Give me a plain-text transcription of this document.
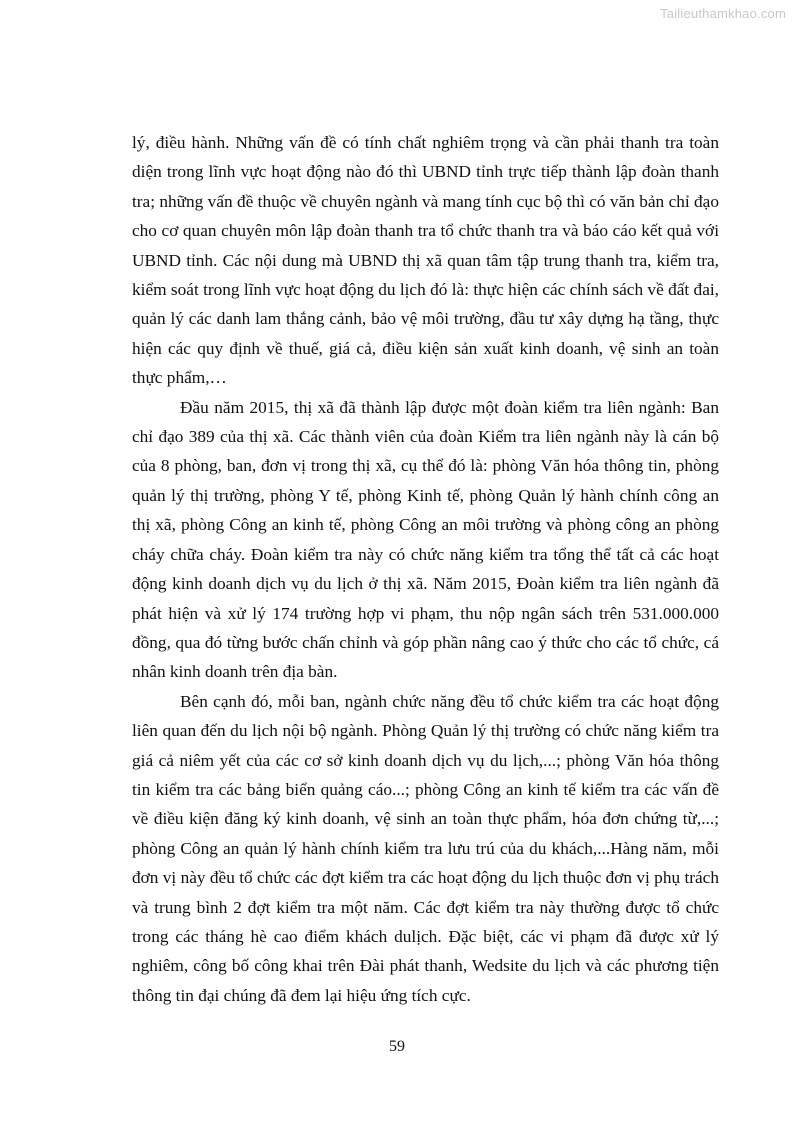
Tailieuthamkhao.com

lý, điều hành. Những vấn đề có tính chất nghiêm trọng và cần phải thanh tra toàn diện trong lĩnh vực hoạt động nào đó thì UBND tỉnh trực tiếp thành lập đoàn thanh tra; những vấn đề thuộc về chuyên ngành và mang tính cục bộ thì có văn bản chỉ đạo cho cơ quan chuyên môn lập đoàn thanh tra tổ chức thanh tra và báo cáo kết quả với UBND tỉnh. Các nội dung mà UBND thị xã quan tâm tập trung thanh tra, kiểm tra, kiểm soát trong lĩnh vực hoạt động du lịch đó là: thực hiện các chính sách về đất đai, quản lý các danh lam thắng cảnh, bảo vệ môi trường, đầu tư xây dựng hạ tầng, thực hiện các quy định về thuế, giá cả, điều kiện sản xuất kinh doanh, vệ sinh an toàn thực phẩm,…

Đầu năm 2015, thị xã đã thành lập được một đoàn kiểm tra liên ngành: Ban chỉ đạo 389 của thị xã. Các thành viên của đoàn Kiểm tra liên ngành này là cán bộ của 8 phòng, ban, đơn vị trong thị xã, cụ thể đó là: phòng Văn hóa thông tin, phòng quản lý thị trường, phòng Y tế, phòng Kinh tế, phòng Quản lý hành chính công an thị xã, phòng Công an kinh tế, phòng Công an môi trường và phòng công an phòng cháy chữa cháy. Đoàn kiểm tra này có chức năng kiểm tra tổng thể tất cả các hoạt động kinh doanh dịch vụ du lịch ở thị xã. Năm 2015, Đoàn kiểm tra liên ngành đã phát hiện và xử lý 174 trường hợp vi phạm, thu nộp ngân sách trên 531.000.000 đồng, qua đó từng bước chấn chỉnh và góp phần nâng cao ý thức cho các tổ chức, cá nhân kinh doanh trên địa bàn.

Bên cạnh đó, mỗi ban, ngành chức năng đều tổ chức kiểm tra các hoạt động liên quan đến du lịch nội bộ ngành. Phòng Quản lý thị trường có chức năng kiểm tra giá cả niêm yết của các cơ sở kinh doanh dịch vụ du lịch,...; phòng Văn hóa thông tin kiểm tra các bảng biển quảng cáo...; phòng Công an kinh tế kiểm tra các vấn đề về điều kiện đăng ký kinh doanh, vệ sinh an toàn thực phẩm, hóa đơn chứng từ,...; phòng Công an quản lý hành chính kiểm tra lưu trú của du khách,...Hàng năm, mỗi đơn vị này đều tổ chức các đợt kiểm tra các hoạt động du lịch thuộc đơn vị phụ trách và trung bình 2 đợt kiểm tra một năm. Các đợt kiểm tra này thường được tổ chức trong các tháng hè cao điểm khách dulịch. Đặc biệt, các vi phạm đã được xử lý nghiêm, công bố công khai trên Đài phát thanh, Wedsite du lịch và các phương tiện thông tin đại chúng đã đem lại hiệu ứng tích cực.

59
